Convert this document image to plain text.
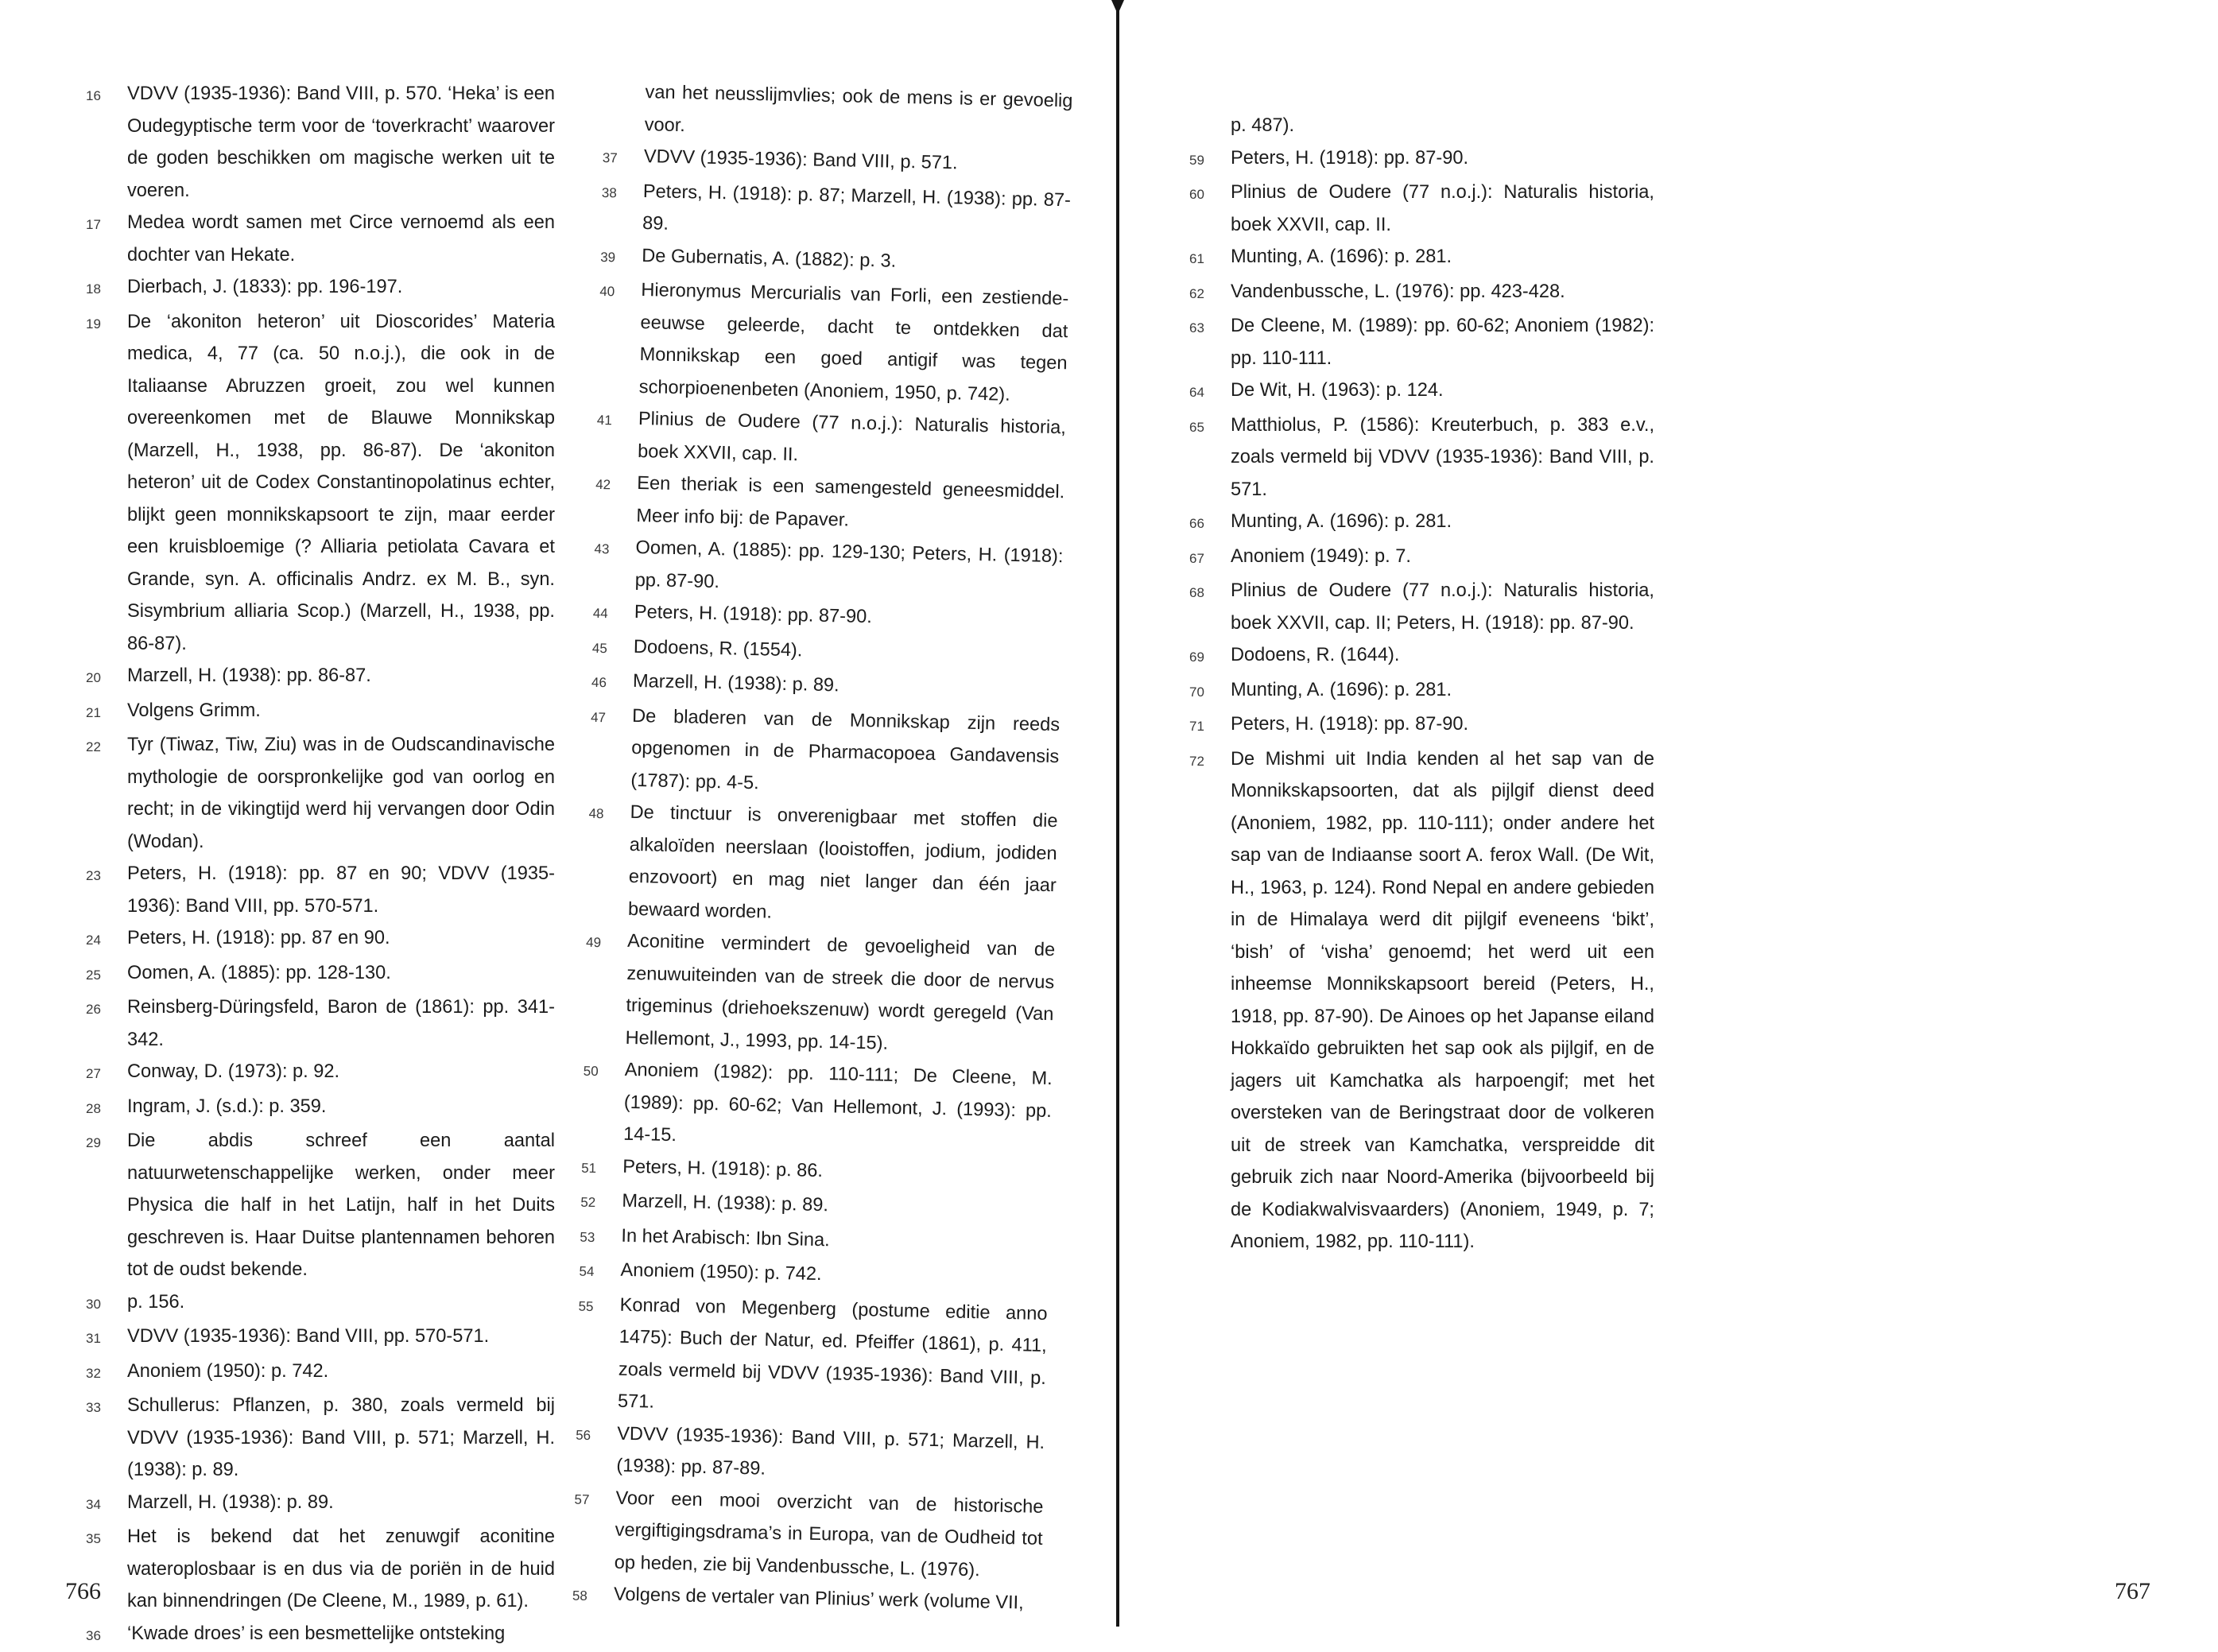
16	VDVV (1935-1936): Band VIII, p. 570. ‘Heka’ is een Oudegyptische term voor de ‘toverkracht’ waarover de goden beschikken om magische werken uit te voeren.
17	Medea wordt samen met Circe vernoemd als een dochter van Hekate.
18	Dierbach, J. (1833): pp. 196-197.
19	De ‘akoniton heteron’ uit Dioscorides’ Materia medica, 4, 77 (ca. 50 n.o.j.), die ook in de Italiaanse Abruzzen groeit, zou wel kunnen overeenkomen met de Blauwe Monnikskap (Marzell, H., 1938, pp. 86-87). De ‘akoniton heteron’ uit de Codex Constantinopolatinus echter, blijkt geen monnikskapsoort te zijn, maar eerder een kruisbloemige (? Alliaria petiolata Cavara et Grande, syn. A. officinalis Andrz. ex M. B., syn. Sisymbrium alliaria Scop.) (Marzell, H., 1938, pp. 86-87).
20	Marzell, H. (1938): pp. 86-87.
21	Volgens Grimm.
22	Tyr (Tiwaz, Tiw, Ziu) was in de Oudscandinavische mythologie de oorspronkelijke god van oorlog en recht; in de vikingtijd werd hij vervangen door Odin (Wodan).
23	Peters, H. (1918): pp. 87 en 90; VDVV (1935-1936): Band VIII, pp. 570-571.
24	Peters, H. (1918): pp. 87 en 90.
25	Oomen, A. (1885): pp. 128-130.
26	Reinsberg-Düringsfeld, Baron de (1861): pp. 341-342.
27	Conway, D. (1973): p. 92.
28	Ingram, J. (s.d.): p. 359.
29	Die abdis schreef een aantal natuurwetenschappelijke werken, onder meer Physica die half in het Latijn, half in het Duits geschreven is. Haar Duitse plantennamen behoren tot de oudst bekende.
30	p. 156.
31	VDVV (1935-1936): Band VIII, pp. 570-571.
32	Anoniem (1950): p. 742.
33	Schullerus: Pflanzen, p. 380, zoals vermeld bij VDVV (1935-1936): Band VIII, p. 571; Marzell, H. (1938): p. 89.
34	Marzell, H. (1938): p. 89.
35	Het is bekend dat het zenuwgif aconitine wateroplosbaar is en dus via de poriën in de huid kan binnendringen (De Cleene, M., 1989, p. 61).
36	‘Kwade droes’ is een besmettelijke ontsteking
van het neusslijmvlies; ook de mens is er gevoelig voor.
37	VDVV (1935-1936): Band VIII, p. 571.
38	Peters, H. (1918): p. 87; Marzell, H. (1938): pp. 87-89.
39	De Gubernatis, A. (1882): p. 3.
40	Hieronymus Mercurialis van Forli, een zestiende-eeuwse geleerde, dacht te ontdekken dat Monnikskap een goed antigif was tegen schorpioenenbeten (Anoniem, 1950, p. 742).
41	Plinius de Oudere (77 n.o.j.): Naturalis historia, boek XXVII, cap. II.
42	Een theriak is een samengesteld geneesmiddel. Meer info bij: de Papaver.
43	Oomen, A. (1885): pp. 129-130; Peters, H. (1918): pp. 87-90.
44	Peters, H. (1918): pp. 87-90.
45	Dodoens, R. (1554).
46	Marzell, H. (1938): p. 89.
47	De bladeren van de Monnikskap zijn reeds opgenomen in de Pharmacopoea Gandavensis (1787): pp. 4-5.
48	De tinctuur is onverenigbaar met stoffen die alkaloïden neerslaan (looistoffen, jodium, jodiden enzovoort) en mag niet langer dan één jaar bewaard worden.
49	Aconitine vermindert de gevoeligheid van de zenuwuiteinden van de streek die door de nervus trigeminus (driehoekszenuw) wordt geregeld (Van Hellemont, J., 1993, pp. 14-15).
50	Anoniem (1982): pp. 110-111; De Cleene, M. (1989): pp. 60-62; Van Hellemont, J. (1993): pp. 14-15.
51	Peters, H. (1918): p. 86.
52	Marzell, H. (1938): p. 89.
53	In het Arabisch: Ibn Sina.
54	Anoniem (1950): p. 742.
55	Konrad von Megenberg (postume editie anno 1475): Buch der Natur, ed. Pfeiffer (1861), p. 411, zoals vermeld bij VDVV (1935-1936): Band VIII, p. 571.
56	VDVV (1935-1936): Band VIII, p. 571; Marzell, H. (1938): pp. 87-89.
57	Voor een mooi overzicht van de historische vergiftigingsdrama’s in Europa, van de Oudheid tot op heden, zie bij Vandenbussche, L. (1976).
58	Volgens de vertaler van Plinius’ werk (volume VII,
p. 487).
59	Peters, H. (1918): pp. 87-90.
60	Plinius de Oudere (77 n.o.j.): Naturalis historia, boek XXVII, cap. II.
61	Munting, A. (1696): p. 281.
62	Vandenbussche, L. (1976): pp. 423-428.
63	De Cleene, M. (1989): pp. 60-62; Anoniem (1982): pp. 110-111.
64	De Wit, H. (1963): p. 124.
65	Matthiolus, P. (1586): Kreuterbuch, p. 383 e.v., zoals vermeld bij VDVV (1935-1936): Band VIII, p. 571.
66	Munting, A. (1696): p. 281.
67	Anoniem (1949): p. 7.
68	Plinius de Oudere (77 n.o.j.): Naturalis historia, boek XXVII, cap. II; Peters, H. (1918): pp. 87-90.
69	Dodoens, R. (1644).
70	Munting, A. (1696): p. 281.
71	Peters, H. (1918): pp. 87-90.
72	De Mishmi uit India kenden al het sap van de Monnikskapsoorten, dat als pijlgif dienst deed (Anoniem, 1982, pp. 110-111); onder andere het sap van de Indiaanse soort A. ferox Wall. (De Wit, H., 1963, p. 124). Rond Nepal en andere gebieden in de Himalaya werd dit pijlgif eveneens ‘bikt’, ‘bish’ of ‘visha’ genoemd; het werd uit een inheemse Monnikskapsoort bereid (Peters, H., 1918, pp. 87-90). De Ainoes op het Japanse eiland Hokkaïdo gebruikten het sap ook als pijlgif, en de jagers uit Kamchatka als harpoengif; met het oversteken van de Beringstraat door de volkeren uit de streek van Kamchatka, verspreidde dit gebruik zich naar Noord-Amerika (bijvoorbeeld bij de Kodiakwalvisvaarders) (Anoniem, 1949, p. 7; Anoniem, 1982, pp. 110-111).
766	767
